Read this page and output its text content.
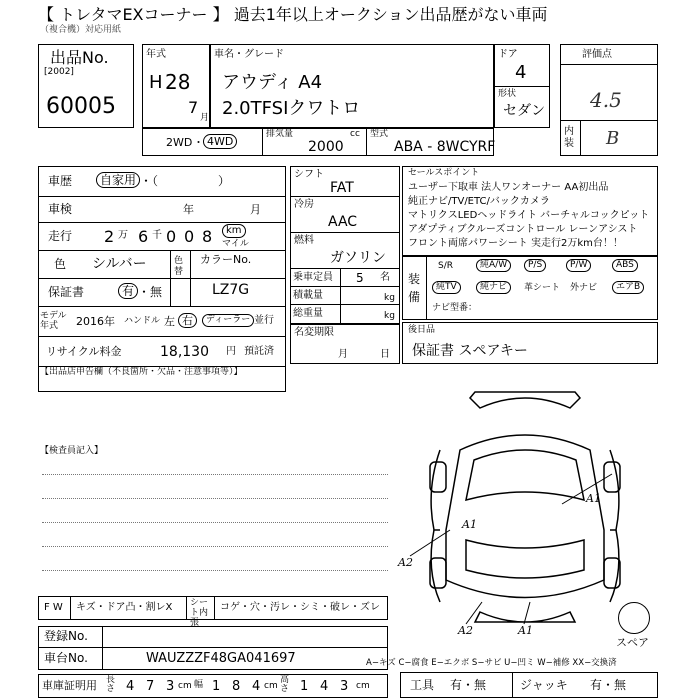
【 トレタマEXコーナー 】 過去1年以上オークション出品歴がない車両
（複合機）対応用紙
出品No.
[2002]
60005
年式
H 28
7
月
車名・グレード
アウディ A4
2.0TFSIクワトロ
ドア
4
形状
セダン
評価点
4.5
内装 B
2WD ・ 4WD
排気量	cc
2000
型式
ABA - 8WCYRF
車歴	自家用 ・（　　　　　）
車検	年	月
走行 2 万 6 千 0 0 8	km
マイル
色 シルバー	色替
カラーNo.
LZ7G
保証書	有 ・無
モデル年式	2016年 ハンドル 左 右	ディーラー 並行
リサイクル料金	18,130 円 預託済
シフト
FAT
冷房
AAC
燃料
ガソリン
乗車定員 5 名
積載量	kg
総重量	kg
名変期限
月	日
セールスポイント
ユーザー下取車 法人ワンオーナー AA初出品
純正ナビ/TV/ETC/バックカメラ
マトリクスLEDヘッドライト バーチャルコックピット
アダプティブクルーズコントロール レーンアシスト
フロント両席パワーシート 実走行2万km台！！
装備
S/R	純A/W	P/S	P/W	ABS
純TV	純ナビ	革シート 外ナビ	エアB
ナビ型番：
後日品
保証書 スペアキー
【出品店申告欄（不良箇所・欠品・注意事項等）】
【検査員記入】
A1
A1
A2
A2	A1
スペア
F W キズ・ドア凸・割レX シート内張
コゲ・穴・汚レ・シミ・破レ・ズレ
登録No.
車台No.	WAUZZZF48GA041697
車庫証明用 長さ 4 7 3 cm 幅 1 8 4 cm
高さ 1 4 3 cm
A−キズ C−腐食 E−エクボ S−サビ U−凹ミ W−補修 XX−交換済
工具 有・無	ジャッキ 有・無
